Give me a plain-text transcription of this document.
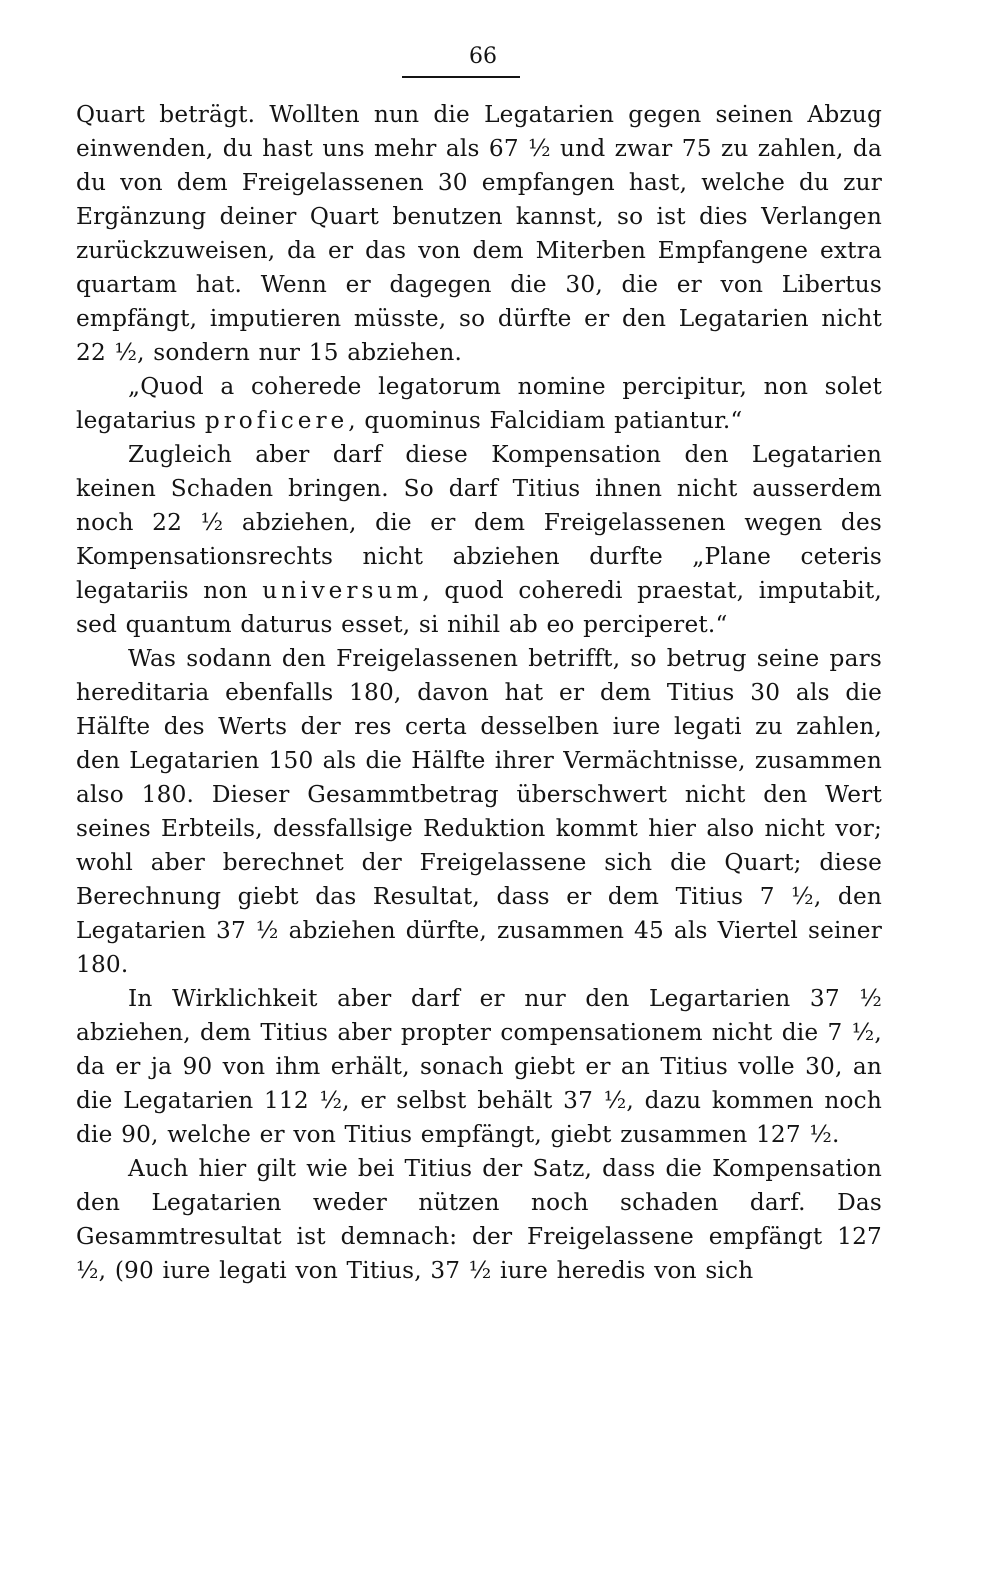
66

Quart beträgt. Wollten nun die Legatarien gegen seinen Abzug einwenden, du hast uns mehr als 67 ½ und zwar 75 zu zahlen, da du von dem Freigelassenen 30 empfangen hast, welche du zur Ergänzung deiner Quart benutzen kannst, so ist dies Verlangen zurückzuweisen, da er das von dem Miterben Empfangene extra quartam hat. Wenn er dagegen die 30, die er von Libertus empfängt, imputieren müsste, so dürfte er den Legatarien nicht 22 ½, sondern nur 15 abziehen.

„Quod a coherede legatorum nomine percipitur, non solet legatarius proficere, quominus Falcidiam patiantur.“

Zugleich aber darf diese Kompensation den Legatarien keinen Schaden bringen. So darf Titius ihnen nicht ausserdem noch 22 ½ abziehen, die er dem Freigelassenen wegen des Kompensationsrechts nicht abziehen durfte „Plane ceteris legatariis non universum, quod coheredi praestat, imputabit, sed quantum daturus esset, si nihil ab eo perciperet.“

Was sodann den Freigelassenen betrifft, so betrug seine pars hereditaria ebenfalls 180, davon hat er dem Titius 30 als die Hälfte des Werts der res certa desselben iure legati zu zahlen, den Legatarien 150 als die Hälfte ihrer Vermächtnisse, zusammen also 180. Dieser Gesammtbetrag überschwert nicht den Wert seines Erbteils, dessfallsige Reduktion kommt hier also nicht vor; wohl aber berechnet der Freigelassene sich die Quart; diese Berechnung giebt das Resultat, dass er dem Titius 7 ½, den Legatarien 37 ½ abziehen dürfte, zusammen 45 als Viertel seiner 180.

In Wirklichkeit aber darf er nur den Legartarien 37 ½ abziehen, dem Titius aber propter compensationem nicht die 7 ½, da er ja 90 von ihm erhält, sonach giebt er an Titius volle 30, an die Legatarien 112 ½, er selbst behält 37 ½, dazu kommen noch die 90, welche er von Titius empfängt, giebt zusammen 127 ½.

Auch hier gilt wie bei Titius der Satz, dass die Kompensation den Legatarien weder nützen noch schaden darf. Das Gesammtresultat ist demnach: der Freigelassene empfängt 127 ½, (90 iure legati von Titius, 37 ½ iure heredis von sich
